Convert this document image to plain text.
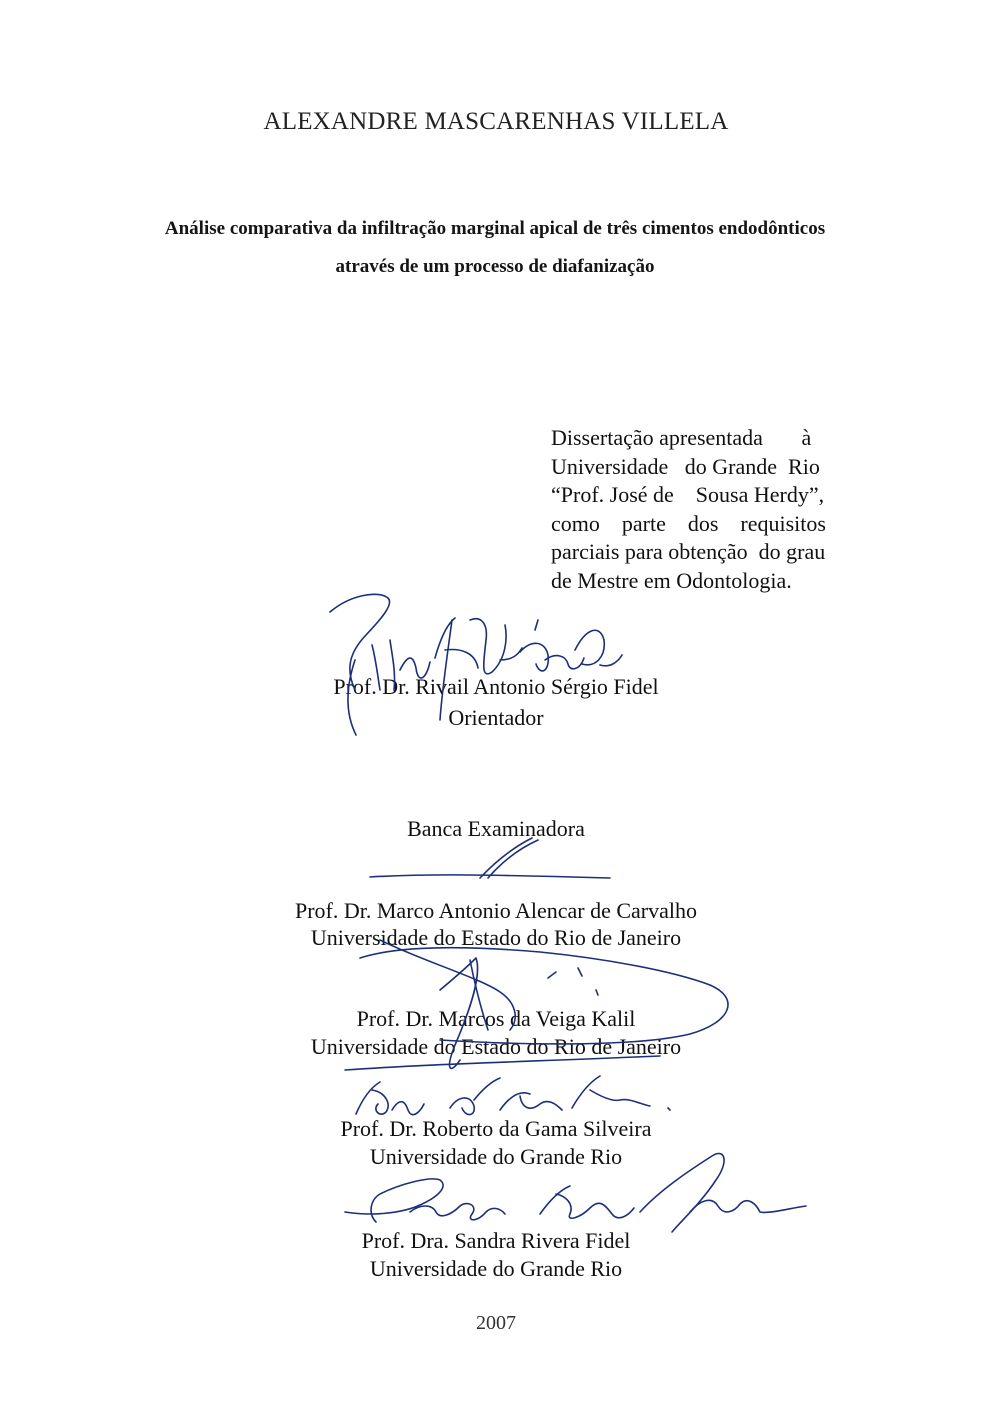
ALEXANDRE MASCARENHAS VILLELA
Análise comparativa da infiltração marginal apical de três cimentos endodônticos
através de um processo de diafanização
Dissertação apresentada       à
Universidade   do Grande  Rio
“Prof. José de    Sousa Herdy”,
como    parte    dos    requisitos
parciais para obtenção  do grau
de Mestre em Odontologia.
Prof. Dr. Rivail Antonio Sérgio Fidel
Orientador
Banca Examinadora
Prof. Dr. Marco Antonio Alencar de Carvalho
Universidade do Estado do Rio de Janeiro
Prof. Dr. Marcos da Veiga Kalil
Universidade do Estado do Rio de Janeiro
Prof. Dr. Roberto da Gama Silveira
Universidade do Grande Rio
Prof. Dra. Sandra Rivera Fidel
Universidade do Grande Rio
2007
